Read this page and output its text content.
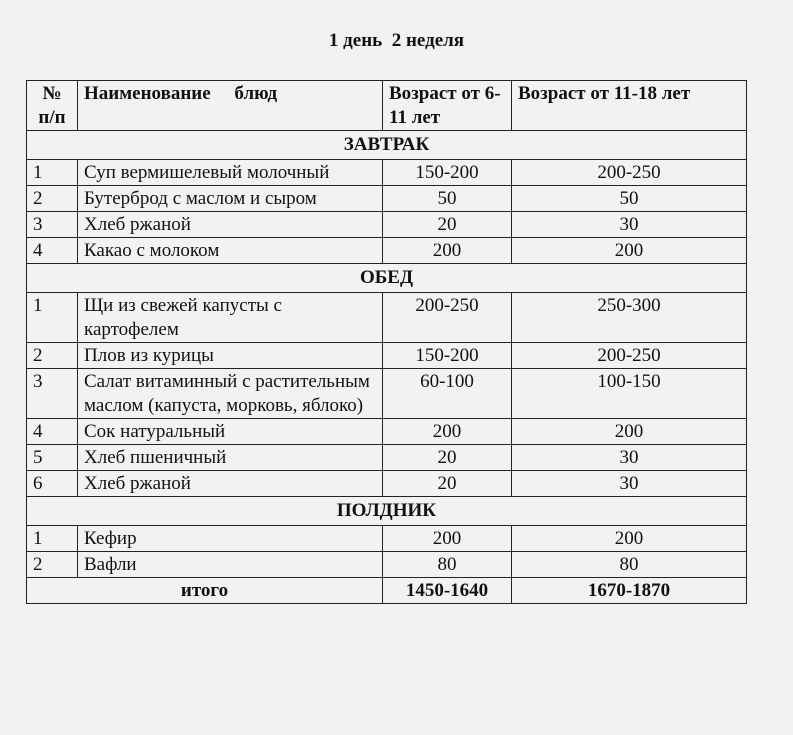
1 день  2 неделя
№ п/п	Наименование     блюд	Возраст от 6-11 лет	Возраст от 11-18 лет
ЗАВТРАК			
1	Суп вермишелевый молочный	150-200	200-250
2	Бутерброд с маслом и сыром	50	50
3	Хлеб ржаной	20	30
4	Какао с молоком	200	200
ОБЕД			
1	Щи из свежей капусты с картофелем	200-250	250-300
2	Плов из курицы	150-200	200-250
3	Салат витаминный с растительным маслом (капуста, морковь, яблоко)	60-100	100-150
4	Сок натуральный	200	200
5	Хлеб пшеничный	20	30
6	Хлеб ржаной	20	30
ПОЛДНИК			
1	Кефир	200	200
2	Вафли	80	80
итого		1450-1640	1670-1870
